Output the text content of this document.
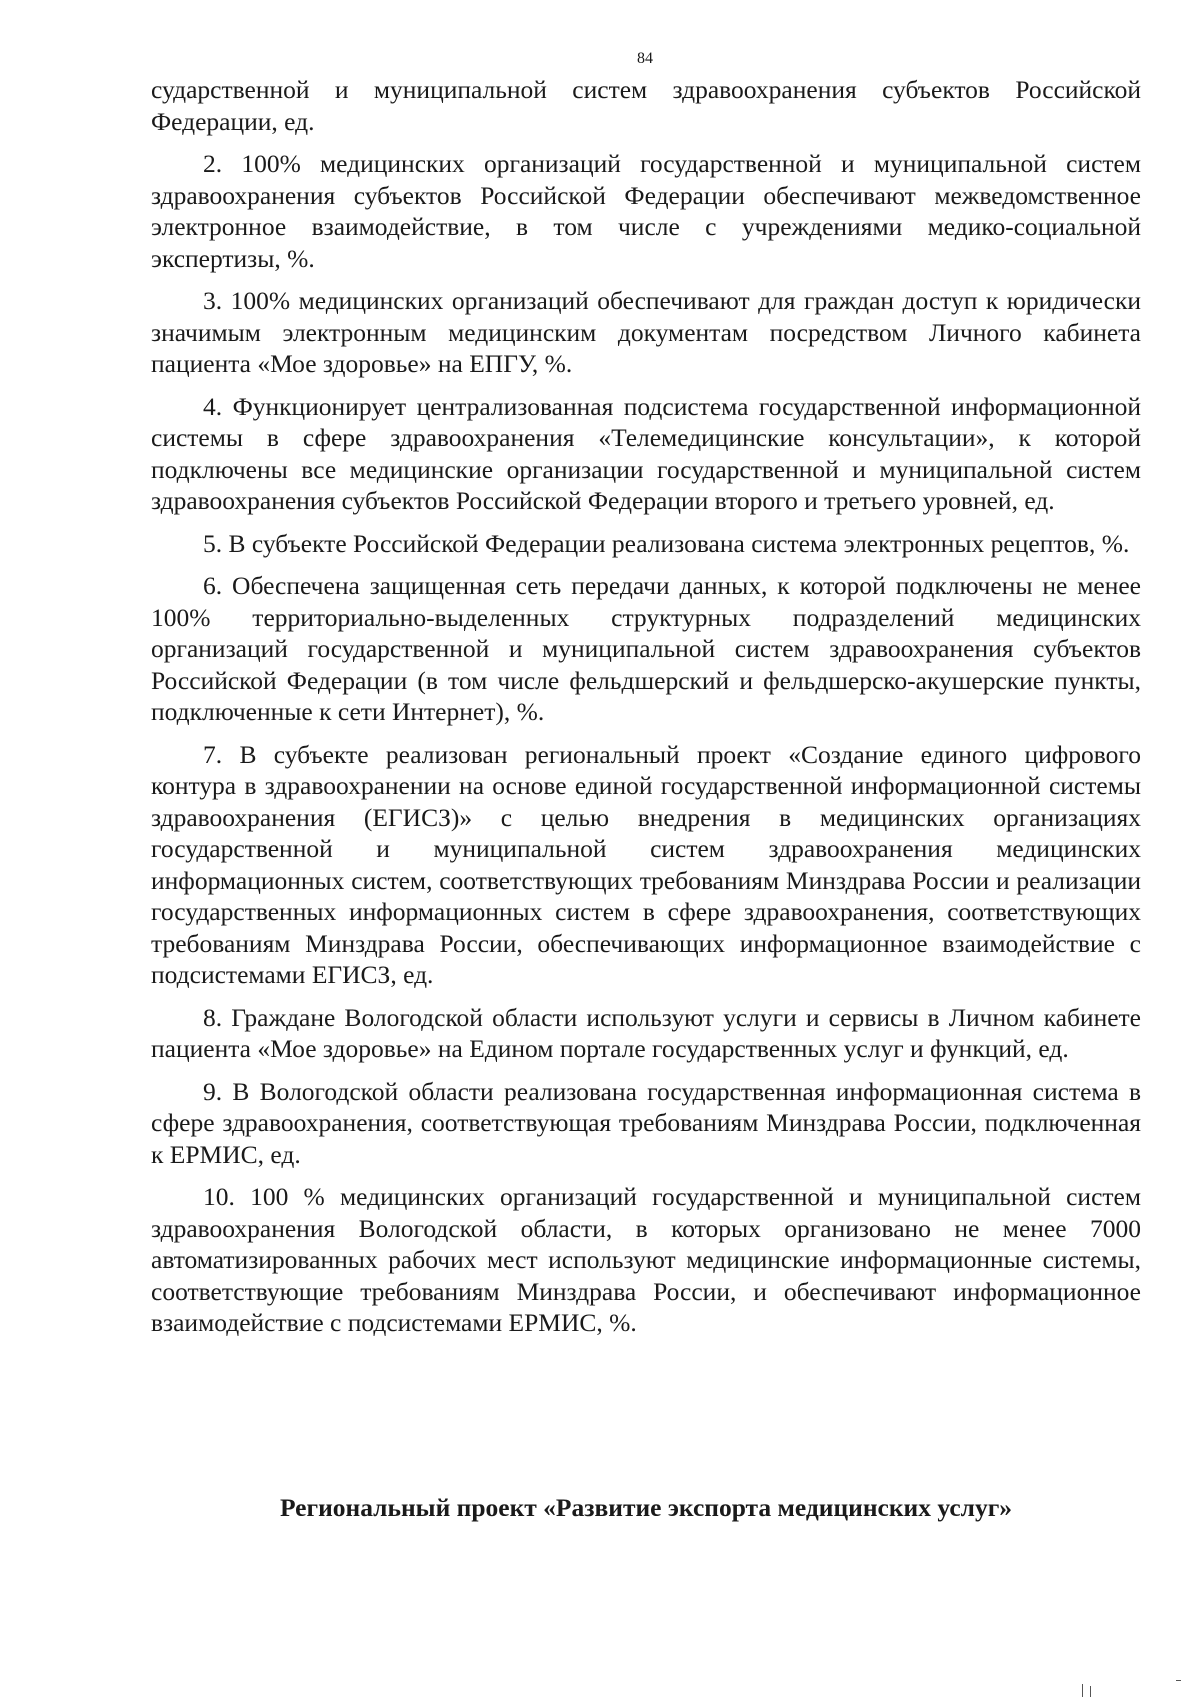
84

сударственной и муниципальной систем здравоохранения субъектов Российской Федерации, ед.

2. 100% медицинских организаций государственной и муниципальной систем здравоохранения субъектов Российской Федерации обеспечивают межведомственное электронное взаимодействие, в том числе с учреждениями медико-социальной экспертизы, %.

3. 100% медицинских организаций обеспечивают для граждан доступ к юридически значимым электронным медицинским документам посредством Личного кабинета пациента «Мое здоровье» на ЕПГУ, %.

4. Функционирует централизованная подсистема государственной информационной системы в сфере здравоохранения «Телемедицинские консультации», к которой подключены все медицинские организации государственной и муниципальной систем здравоохранения субъектов Российской Федерации второго и третьего уровней, ед.

5. В субъекте Российской Федерации реализована система электронных рецептов, %.

6. Обеспечена защищенная сеть передачи данных, к которой подключены не менее 100% территориально-выделенных структурных подразделений медицинских организаций государственной и муниципальной систем здравоохранения субъектов Российской Федерации (в том числе фельдшерский и фельдшерско-акушерские пункты, подключенные к сети Интернет), %.

7. В субъекте реализован региональный проект «Создание единого цифрового контура в здравоохранении на основе единой государственной информационной системы здравоохранения (ЕГИСЗ)» с целью внедрения в медицинских организациях государственной и муниципальной систем здравоохранения медицинских информационных систем, соответствующих требованиям Минздрава России и реализации государственных информационных систем в сфере здравоохранения, соответствующих требованиям Минздрава России, обеспечивающих информационное взаимодействие с подсистемами ЕГИСЗ, ед.

8. Граждане Вологодской области используют услуги и сервисы в Личном кабинете пациента «Мое здоровье» на Едином портале государственных услуг и функций, ед.

9. В Вологодской области реализована государственная информационная система в сфере здравоохранения, соответствующая требованиям Минздрава России, подключенная к ЕРМИС, ед.

10. 100 % медицинских организаций государственной и муниципальной систем здравоохранения Вологодской области, в которых организовано не менее 7000 автоматизированных рабочих мест используют медицинские информационные системы, соответствующие требованиям Минздрава России, и обеспечивают информационное взаимодействие с подсистемами ЕРМИС, %.

Региональный проект «Развитие экспорта медицинских услуг»
